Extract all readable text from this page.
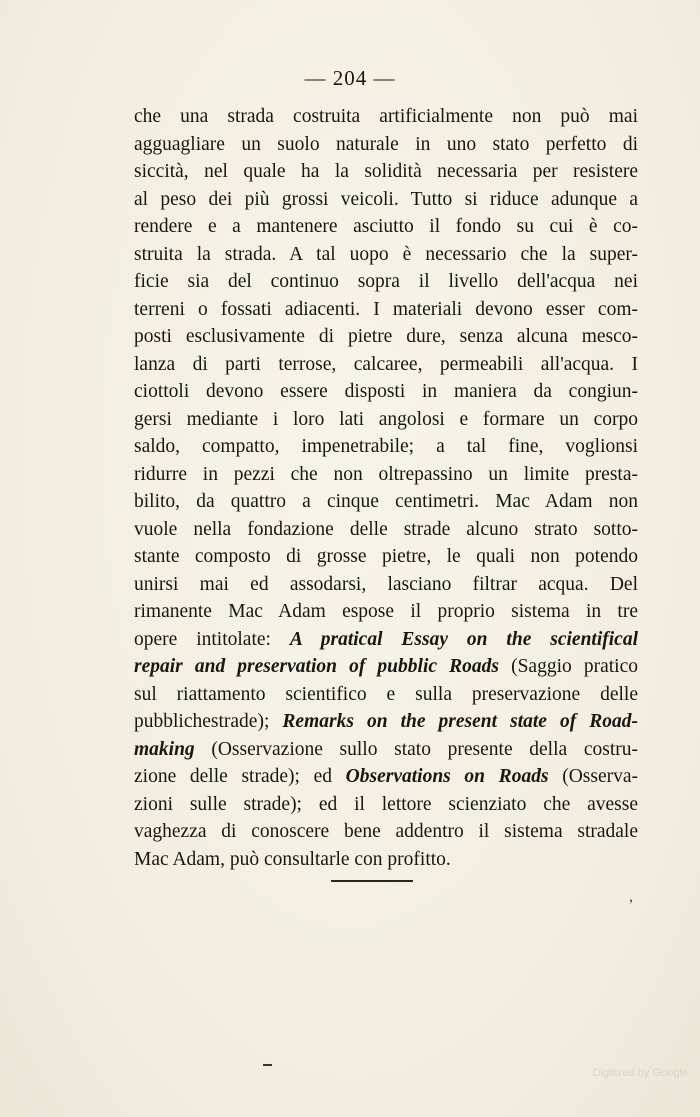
— 204 —
che una strada costruita artificialmente non può mai
agguagliare un suolo naturale in uno stato perfetto di
siccità, nel quale ha la solidità necessaria per resistere
al peso dei più grossi veicoli. Tutto si riduce adunque a
rendere e a mantenere asciutto il fondo su cui è co-
struita la strada. A tal uopo è necessario che la super-
ficie sia del continuo sopra il livello dell'acqua nei
terreni o fossati adiacenti. I materiali devono esser com-
posti esclusivamente di pietre dure, senza alcuna mesco-
lanza di parti terrose, calcaree, permeabili all'acqua. I
ciottoli devono essere disposti in maniera da congiun-
gersi mediante i loro lati angolosi e formare un corpo
saldo, compatto, impenetrabile; a tal fine, voglionsi
ridurre in pezzi che non oltrepassino un limite presta-
bilito, da quattro a cinque centimetri. Mac Adam non
vuole nella fondazione delle strade alcuno strato sotto-
stante composto di grosse pietre, le quali non potendo
unirsi mai ed assodarsi, lasciano filtrar acqua. Del
rimanente Mac Adam espose il proprio sistema in tre
opere intitolate: A pratical Essay on the scientifical
repair and preservation of pubblic Roads (Saggio pratico
sul riattamento scientifico e sulla preservazione delle
pubblichestrade); Remarks on the present state of Road-
making (Osservazione sullo stato presente della costru-
zione delle strade); ed Observations on Roads (Osserva-
zioni sulle strade); ed il lettore scienziato che avesse
vaghezza di conoscere bene addentro il sistema stradale
Mac Adam, può consultarle con profitto.
,
Digitized by Google
